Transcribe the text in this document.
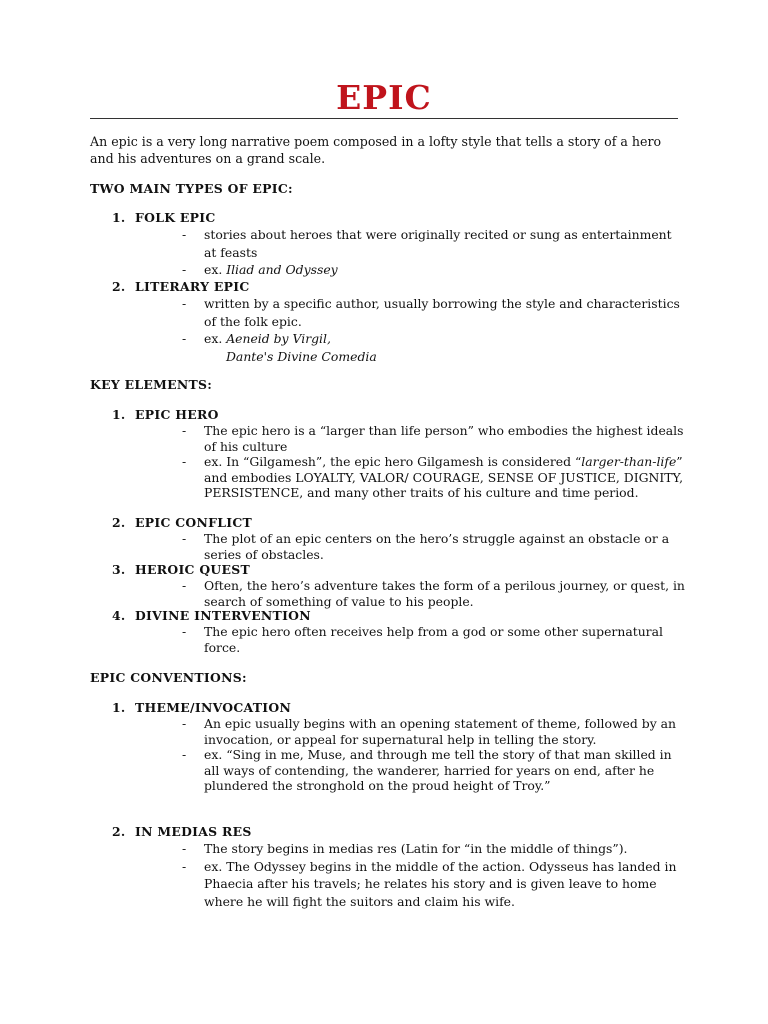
EPIC

An epic is a very long narrative poem composed in a lofty style that tells a story of a hero and his adventures on a grand scale.

TWO MAIN TYPES OF EPIC:

1. FOLK EPIC

- stories about heroes that were originally recited or sung as entertainment at feasts
- ex. Iliad and Odyssey

2. LITERARY EPIC

- written by a specific author, usually borrowing the style and characteristics of the folk epic.
- ex. Aeneid by Virgil,
Dante's Divine Comedia

KEY ELEMENTS:

1. EPIC HERO

- The epic hero is a “larger than life person” who embodies the highest ideals of his culture
- ex. In “Gilgamesh”, the epic hero Gilgamesh is considered “larger-than-life” and embodies LOYALTY, VALOR/ COURAGE, SENSE OF JUSTICE, DIGNITY, PERSISTENCE, and many other traits of his culture and time period.

2. EPIC CONFLICT

- The plot of an epic centers on the hero’s struggle against an obstacle or a series of obstacles.

3. HEROIC QUEST

- Often, the hero’s adventure takes the form of a perilous journey, or quest, in search of something of value to his people.

4. DIVINE INTERVENTION

- The epic hero often receives help from a god or some other supernatural force.

EPIC CONVENTIONS:

1. THEME/INVOCATION

- An epic usually begins with an opening statement of theme, followed by an invocation, or appeal for supernatural help in telling the story.
- ex. “Sing in me, Muse, and through me tell the story of that man skilled in all ways of contending, the wanderer, harried for years on end, after he plundered the stronghold on the proud height of Troy.”

2. IN MEDIAS RES

- The story begins in medias res (Latin for “in the middle of things”).
- ex. The Odyssey begins in the middle of the action. Odysseus has landed in Phaecia after his travels; he relates his story and is given leave to home where he will fight the suitors and claim his wife.
